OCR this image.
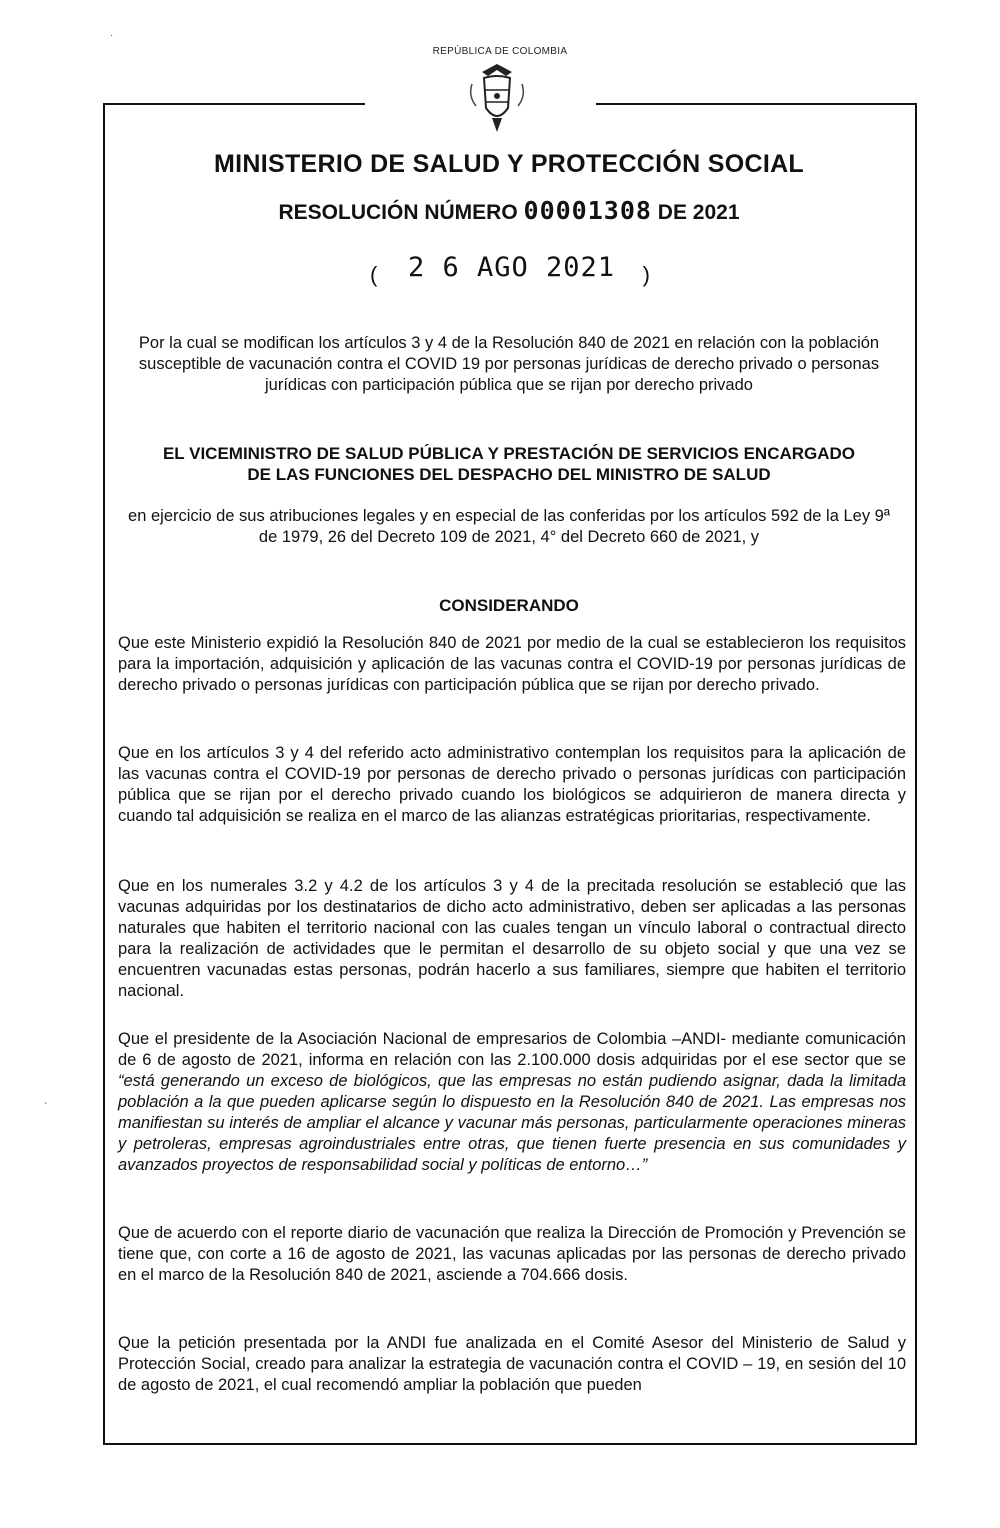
·
REPÚBLICA DE COLOMBIA
MINISTERIO DE SALUD Y PROTECCIÓN SOCIAL
RESOLUCIÓN NÚMERO 00001308 DE 2021
( 2 6 AGO 2021 )
Por la cual se modifican los artículos 3 y 4 de la Resolución 840 de 2021 en relación con la población susceptible de vacunación contra el COVID 19 por personas jurídicas de derecho privado o personas jurídicas con participación pública que se rijan por derecho privado
EL VICEMINISTRO DE SALUD PÚBLICA Y PRESTACIÓN DE SERVICIOS ENCARGADO
DE LAS FUNCIONES DEL DESPACHO DEL MINISTRO DE SALUD
en ejercicio de sus atribuciones legales y en especial de las conferidas por los artículos 592 de la Ley 9ª de 1979, 26 del Decreto 109 de 2021, 4° del Decreto 660 de 2021, y
CONSIDERANDO
Que este Ministerio expidió la Resolución 840 de 2021 por medio de la cual se establecieron los requisitos para la importación, adquisición y aplicación de las vacunas contra el COVID-19 por personas jurídicas de derecho privado o personas jurídicas con participación pública que se rijan por derecho privado.
Que en los artículos 3 y 4 del referido acto administrativo contemplan los requisitos para la aplicación de las vacunas contra el COVID-19 por personas de derecho privado o personas jurídicas con participación pública que se rijan por el derecho privado cuando los biológicos se adquirieron de manera directa y cuando tal adquisición se realiza en el marco de las alianzas estratégicas prioritarias, respectivamente.
Que en los numerales 3.2 y 4.2 de los artículos 3 y 4 de la precitada resolución se estableció que las vacunas adquiridas por los destinatarios de dicho acto administrativo, deben ser aplicadas a las personas naturales que habiten el territorio nacional con las cuales tengan un vínculo laboral o contractual directo para la realización de actividades que le permitan el desarrollo de su objeto social y que una vez se encuentren vacunadas estas personas, podrán hacerlo a sus familiares, siempre que habiten el territorio nacional.
Que el presidente de la Asociación Nacional de empresarios de Colombia –ANDI- mediante comunicación de 6 de agosto de 2021, informa en relación con las 2.100.000 dosis adquiridas por el ese sector que se “está generando un exceso de biológicos, que las empresas no están pudiendo asignar, dada la limitada población a la que pueden aplicarse según lo dispuesto en la Resolución 840 de 2021. Las empresas nos manifiestan su interés de ampliar el alcance y vacunar más personas, particularmente operaciones mineras y petroleras, empresas agroindustriales entre otras, que tienen fuerte presencia en sus comunidades y avanzados proyectos de responsabilidad social y políticas de entorno…”
Que de acuerdo con el reporte diario de vacunación que realiza la Dirección de Promoción y Prevención se tiene que, con corte a 16 de agosto de 2021, las vacunas aplicadas por las personas de derecho privado en el marco de la Resolución 840 de 2021, asciende a 704.666 dosis.
Que la petición presentada por la ANDI fue analizada en el Comité Asesor del Ministerio de Salud y Protección Social, creado para analizar la estrategia de vacunación contra el COVID – 19, en sesión del 10 de agosto de 2021, el cual recomendó ampliar la población que pueden
`
